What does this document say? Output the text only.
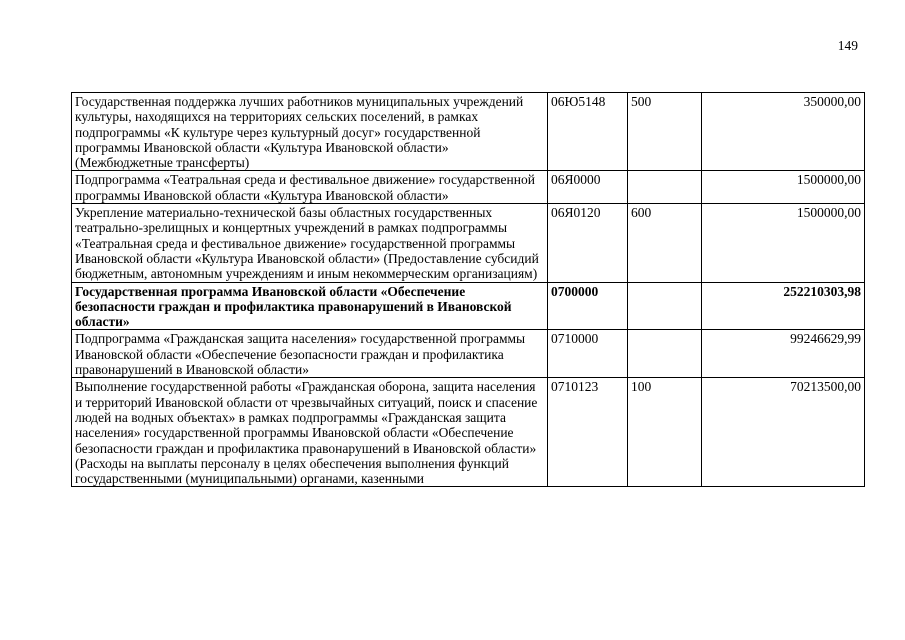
149
Государственная поддержка лучших работников муниципальных учреждений культуры, находящихся на территориях сельских поселений, в рамках подпрограммы «К культуре через культурный досуг» государственной программы Ивановской области «Культура Ивановской области» (Межбюджетные трансферты)	06Ю5148	500	350000,00
Подпрограмма «Театральная среда и фестивальное движение» государственной программы Ивановской области «Культура Ивановской области»	06Я0000		1500000,00
Укрепление материально-технической базы областных государственных театрально-зрелищных и концертных учреждений в рамках подпрограммы «Театральная среда и фестивальное движение» государственной программы Ивановской области «Культура Ивановской области» (Предоставление субсидий бюджетным, автономным учреждениям и иным некоммерческим организациям)	06Я0120	600	1500000,00
Государственная программа Ивановской области «Обеспечение безопасности граждан и профилактика правонарушений в Ивановской области»	0700000		252210303,98
Подпрограмма «Гражданская защита населения» государственной программы Ивановской области «Обеспечение безопасности граждан и профилактика правонарушений в Ивановской области»	0710000		99246629,99
Выполнение государственной работы «Гражданская оборона, защита населения и территорий Ивановской области от чрезвычайных ситуаций, поиск и спасение людей на водных объектах» в рамках подпрограммы «Гражданская защита населения» государственной программы Ивановской области «Обеспечение безопасности граждан и профилактика правонарушений в Ивановской области» (Расходы на выплаты персоналу в целях обеспечения выполнения функций государственными (муниципальными) органами, казенными	0710123	100	70213500,00
